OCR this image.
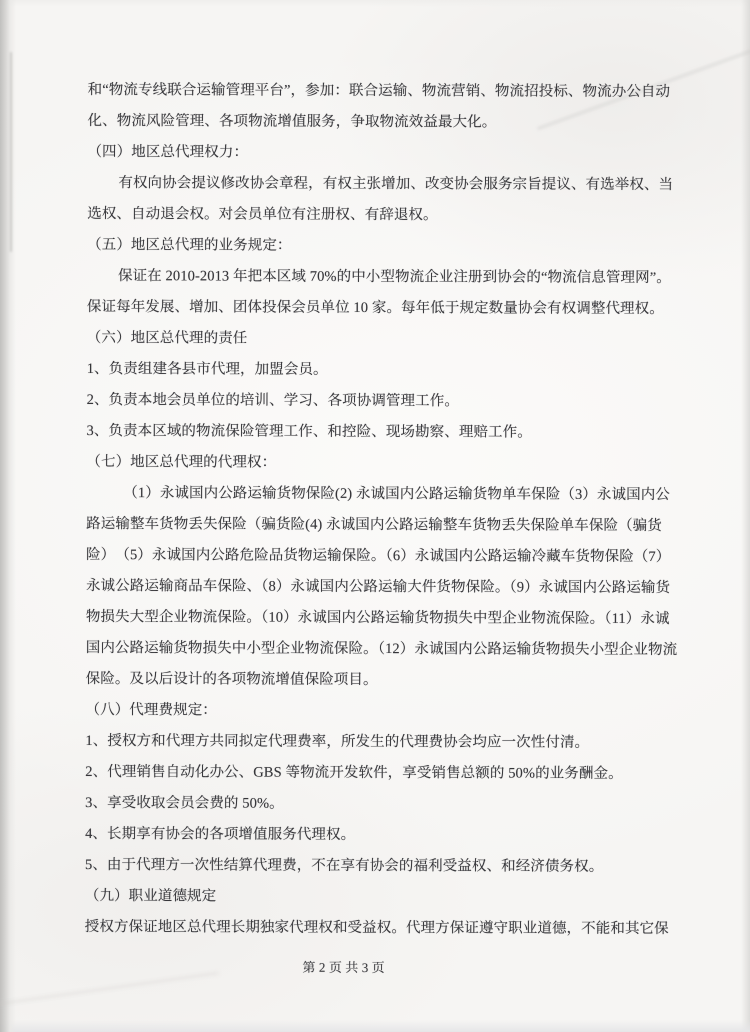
和“物流专线联合运输管理平台”，参加：联合运输、物流营销、物流招投标、物流办公自动

化、物流风险管理、各项物流增值服务，争取物流效益最大化。

（四）地区总代理权力：

有权向协会提议修改协会章程，有权主张增加、改变协会服务宗旨提议、有选举权、当

选权、自动退会权。对会员单位有注册权、有辞退权。

（五）地区总代理的业务规定：

保证在 2010-2013 年把本区域 70%的中小型物流企业注册到协会的“物流信息管理网”。

保证每年发展、增加、团体投保会员单位 10 家。每年低于规定数量协会有权调整代理权。

（六）地区总代理的责任

1、负责组建各县市代理，加盟会员。

2、负责本地会员单位的培训、学习、各项协调管理工作。

3、负责本区域的物流保险管理工作、和控险、现场勘察、理赔工作。

（七）地区总代理的代理权：

（1）永诚国内公路运输货物保险(2) 永诚国内公路运输货物单车保险（3）永诚国内公

路运输整车货物丢失保险（骗货险(4) 永诚国内公路运输整车货物丢失保险单车保险（骗货

险）　（5）永诚国内公路危险品货物运输保险。（6）永诚国内公路运输冷藏车货物保险（7）

永诚公路运输商品车保险、（8）永诚国内公路运输大件货物保险。（9）永诚国内公路运输货

物损失大型企业物流保险。（10）永诚国内公路运输货物损失中型企业物流保险。（11）永诚

国内公路运输货物损失中小型企业物流保险。（12）永诚国内公路运输货物损失小型企业物流

保险。及以后设计的各项物流增值保险项目。

（八）代理费规定：

1、授权方和代理方共同拟定代理费率，所发生的代理费协会均应一次性付清。

2、代理销售自动化办公、GBS 等物流开发软件，享受销售总额的 50%的业务酬金。

3、享受收取会员会费的 50%。

4、长期享有协会的各项增值服务代理权。

5、由于代理方一次性结算代理费，不在享有协会的福利受益权、和经济债务权。

（九）职业道德规定

授权方保证地区总代理长期独家代理权和受益权。代理方保证遵守职业道德，不能和其它保

第 2 页 共 3 页
